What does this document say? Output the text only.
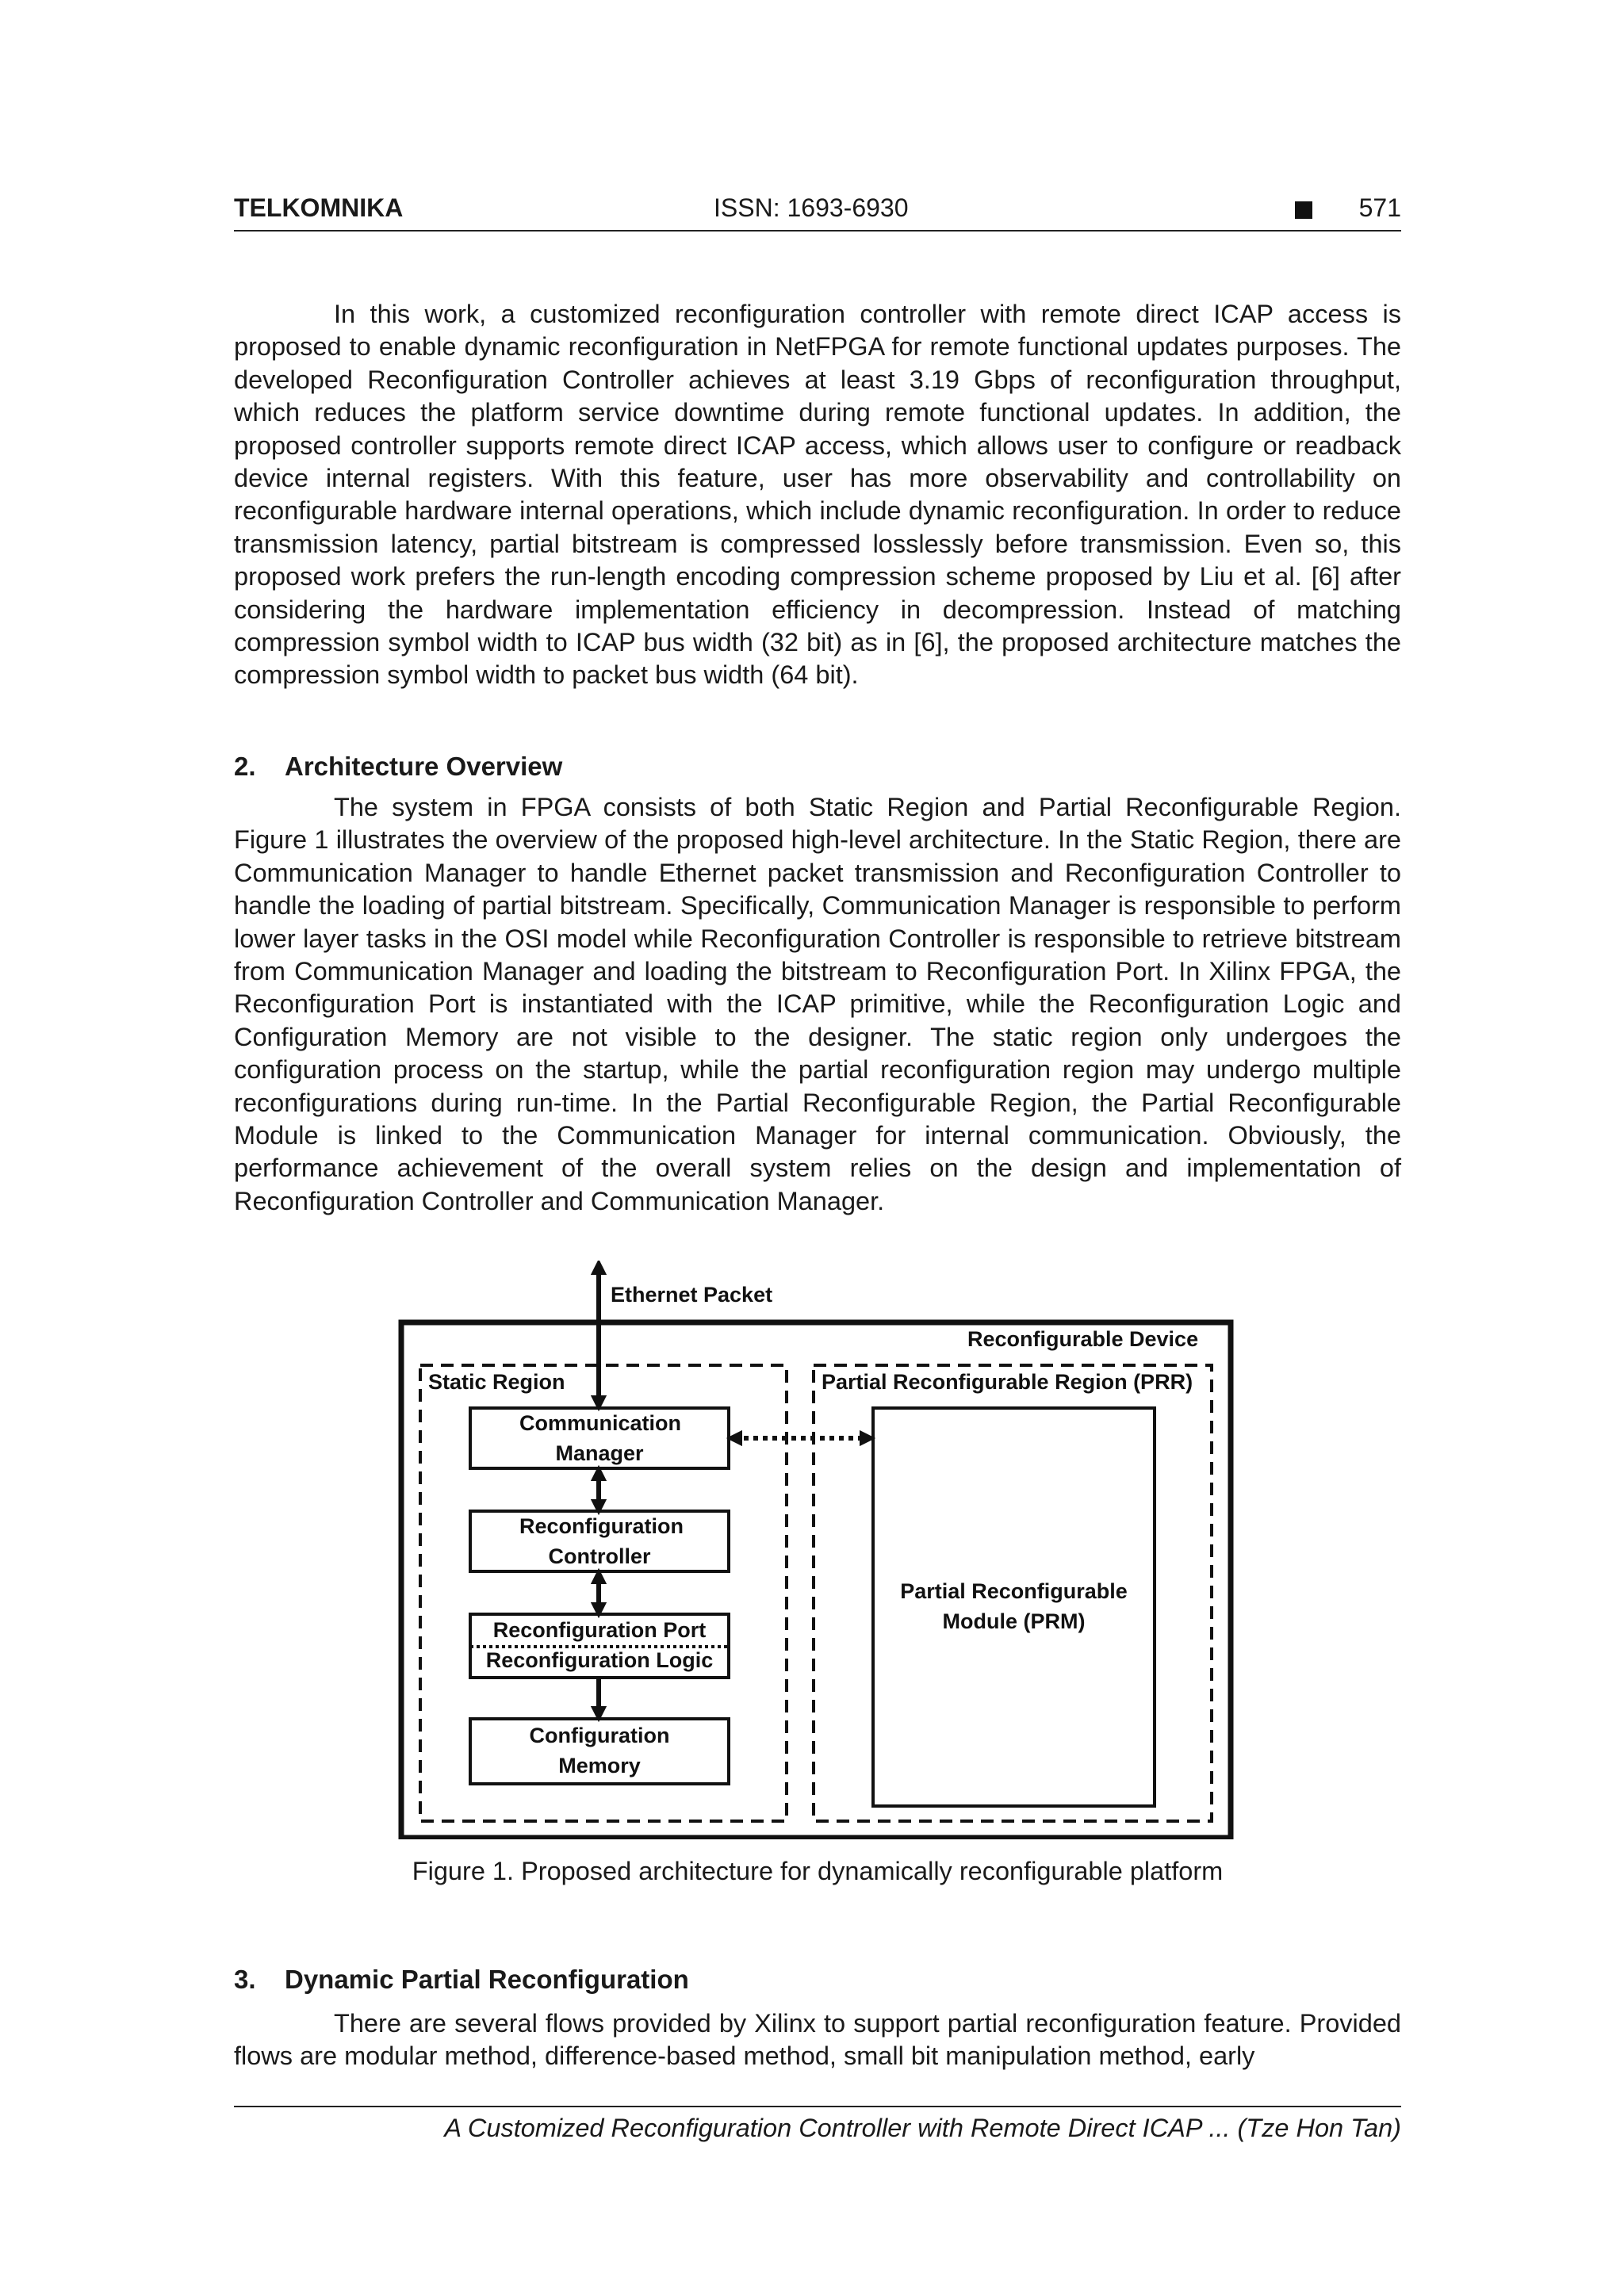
TELKOMNIKA	ISSN: 1693-6930	571

In this work, a customized reconfiguration controller with remote direct ICAP access is proposed to enable dynamic reconfiguration in NetFPGA for remote functional updates purposes. The developed Reconfiguration Controller achieves at least 3.19 Gbps of reconfiguration throughput, which reduces the platform service downtime during remote functional updates. In addition, the proposed controller supports remote direct ICAP access, which allows user to configure or readback device internal registers. With this feature, user has more observability and controllability on reconfigurable hardware internal operations, which include dynamic reconfiguration. In order to reduce transmission latency, partial bitstream is compressed losslessly before transmission. Even so, this proposed work prefers the run-length encoding compression scheme proposed by Liu et al. [6] after considering the hardware implementation efficiency in decompression. Instead of matching compression symbol width to ICAP bus width (32 bit) as in [6], the proposed architecture matches the compression symbol width to packet bus width (64 bit).

2. Architecture Overview

The system in FPGA consists of both Static Region and Partial Reconfigurable Region. Figure 1 illustrates the overview of the proposed high-level architecture. In the Static Region, there are Communication Manager to handle Ethernet packet transmission and Reconfiguration Controller to handle the loading of partial bitstream. Specifically, Communication Manager is responsible to perform lower layer tasks in the OSI model while Reconfiguration Controller is responsible to retrieve bitstream from Communication Manager and loading the bitstream to Reconfiguration Port. In Xilinx FPGA, the Reconfiguration Port is instantiated with the ICAP primitive, while the Reconfiguration Logic and Configuration Memory are not visible to the designer. The static region only undergoes the configuration process on the startup, while the partial reconfiguration region may undergo multiple reconfigurations during run-time. In the Partial Reconfigurable Region, the Partial Reconfigurable Module is linked to the Communication Manager for internal communication. Obviously, the performance achievement of the overall system relies on the design and implementation of Reconfiguration Controller and Communication Manager.

Ethernet Packet
Reconfigurable Device
Static Region	Partial Reconfigurable Region (PRR)
Communication Manager
Reconfiguration Controller
Reconfiguration Port
Reconfiguration Logic
Configuration Memory
Partial Reconfigurable Module (PRM)

Figure 1. Proposed architecture for dynamically reconfigurable platform

3. Dynamic Partial Reconfiguration

There are several flows provided by Xilinx to support partial reconfiguration feature. Provided flows are modular method, difference-based method, small bit manipulation method, early

A Customized Reconfiguration Controller with Remote Direct ICAP ... (Tze Hon Tan)
